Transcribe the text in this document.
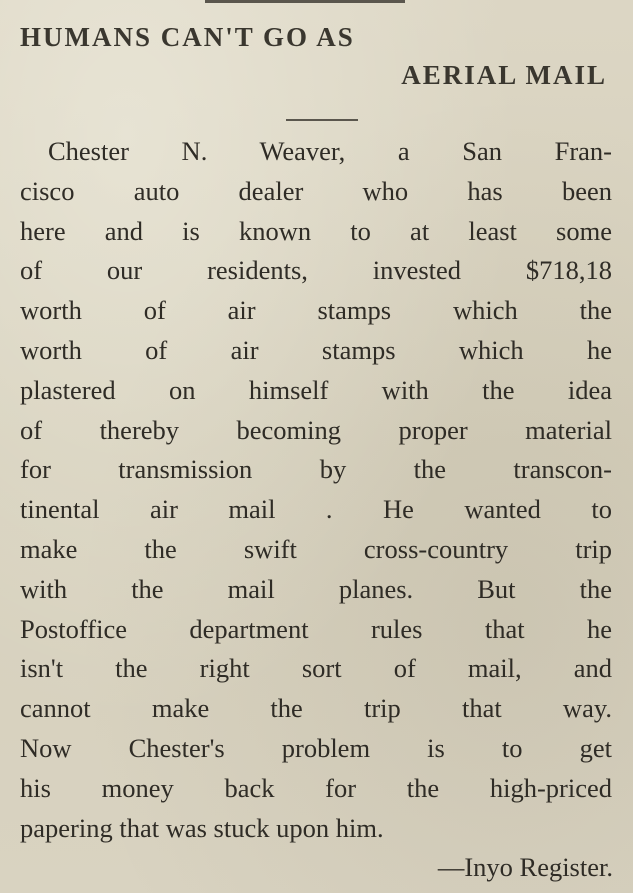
HUMANS CAN'T GO AS
AERIAL MAIL
Chester N. Weaver, a San Fran-
cisco auto dealer who has been
here and is known to at least some
of our residents, invested $718,18
worth of air stamps which the
worth of air stamps which he
plastered on himself with the idea
of thereby becoming proper material
for transmission by the transcon-
tinental air mail . He wanted to
make the swift cross-country trip
with the mail planes. But the
Postoffice department rules that he
isn't the right sort of mail, and
cannot make the trip that way.
Now Chester's problem is to get
his money back for the high-priced
papering that was stuck upon him.
—Inyo Register.
